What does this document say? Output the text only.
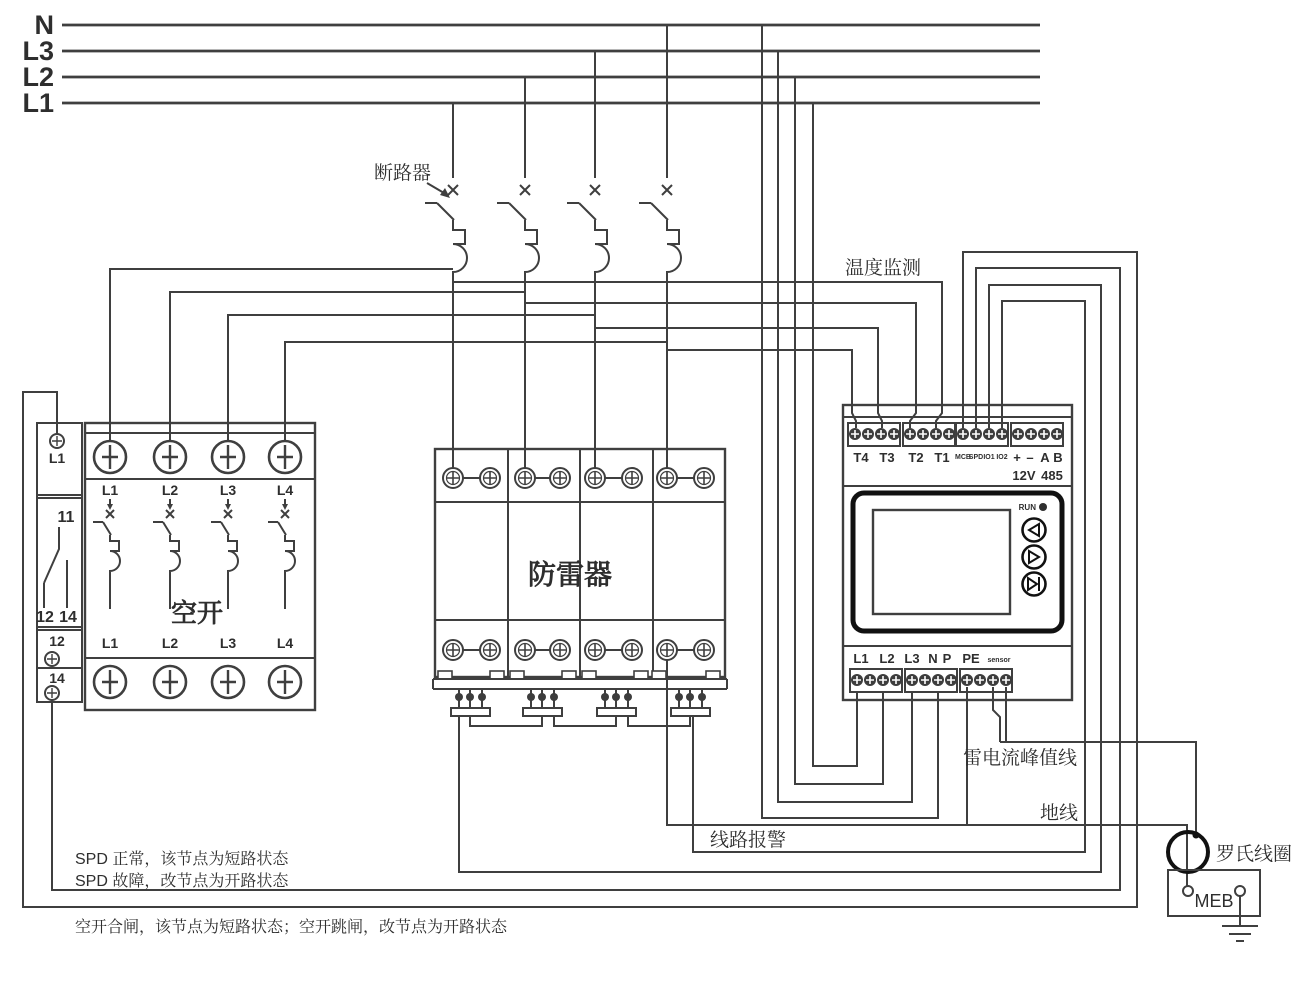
N
L3
L2
L1
断路器
温度监测
L1
11
12 14
12
14
L1	L2	L3	L4
空开
L1	L2	L3	L4
防雷器
T4 T3 T2 T1 MCB
SPD IO1 IO2 + – A B
12V 485
RUN
L1 L2 L3 N P PE sensor
线路报警
地线
雷电流峰值线
罗氏线圈
MEB
SPD 正常，该节点为短路状态
SPD 故障，改节点为开路状态
空开合闸，该节点为短路状态；空开跳闸，改节点为开路状态
